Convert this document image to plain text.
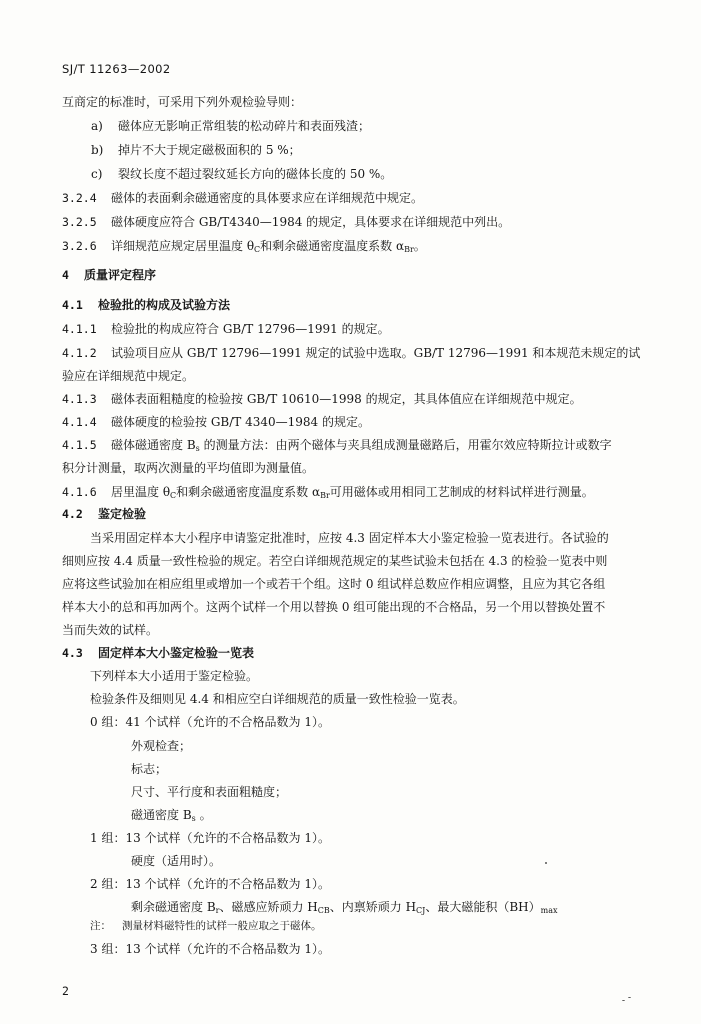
SJ/T 11263—2002
互商定的标准时，可采用下列外观检验导则：
a) 磁体应无影响正常组装的松动碎片和表面残渣；
b) 掉片不大于规定磁极面积的 5 %；
c) 裂纹长度不超过裂纹延长方向的磁体长度的 50 %。
3.2.4 磁体的表面剩余磁通密度的具体要求应在详细规范中规定。
3.2.5 磁体硬度应符合 GB/T4340—1984 的规定，具体要求在详细规范中列出。
3.2.6 详细规范应规定居里温度 $\theta_C$和剩余磁通密度温度系数 $\alpha_{Br}$。
4 质量评定程序
4.1 检验批的构成及试验方法
4.1.1 检验批的构成应符合 GB/T 12796—1991 的规定。
4.1.2 试验项目应从 GB/T 12796—1991 规定的试验中选取。GB/T 12796—1991 和本规范未规定的试
验应在详细规范中规定。
4.1.3 磁体表面粗糙度的检验按 GB/T 10610—1998 的规定，其具体值应在详细规范中规定。
4.1.4 磁体硬度的检验按 GB/T 4340—1984 的规定。
4.1.5 磁体磁通密度 $B_s$ 的测量方法：由两个磁体与夹具组成测量磁路后，用霍尔效应特斯拉计或数字
积分计测量，取两次测量的平均值即为测量值。
4.1.6 居里温度 $\theta_C$和剩余磁通密度温度系数 $\alpha_{Br}$可用磁体或用相同工艺制成的材料试样进行测量。
4.2 鉴定检验
当采用固定样本大小程序申请鉴定批准时，应按 4.3 固定样本大小鉴定检验一览表进行。各试验的
细则应按 4.4 质量一致性检验的规定。若空白详细规范规定的某些试验未包括在 4.3 的检验一览表中则
应将这些试验加在相应组里或增加一个或若干个组。这时 0 组试样总数应作相应调整，且应为其它各组
样本大小的总和再加两个。这两个试样一个用以替换 0 组可能出现的不合格品，另一个用以替换处置不
当而失效的试样。
4.3 固定样本大小鉴定检验一览表
下列样本大小适用于鉴定检验。
检验条件及细则见 4.4 和相应空白详细规范的质量一致性检验一览表。
0 组：41 个试样（允许的不合格品数为 1）。
外观检查；
标志；
尺寸、平行度和表面粗糙度；
磁通密度 $B_s$ 。
1 组：13 个试样（允许的不合格品数为 1）。
硬度（适用时）。
2 组：13 个试样（允许的不合格品数为 1）。
剩余磁通密度 $B_r$、磁感应矫顽力 $H_{CB}$、内禀矫顽力 $H_{CJ}$、最大磁能积$(BH)_{max}$
注： 测量材料磁特性的试样一般应取之于磁体。
3 组：13 个试样（允许的不合格品数为 1）。
2
